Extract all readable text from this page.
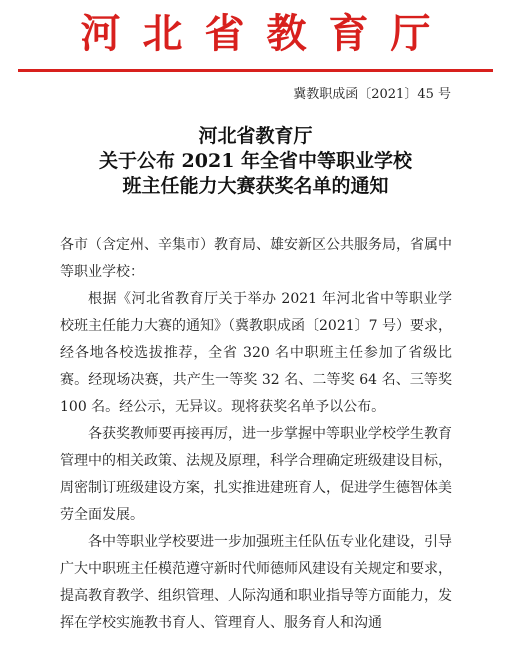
河北省教育厅
冀教职成函〔2021〕45 号
河北省教育厅
关于公布 2021 年全省中等职业学校
班主任能力大赛获奖名单的通知

各市（含定州、辛集市）教育局、雄安新区公共服务局，省属中等职业学校：

根据《河北省教育厅关于举办 2021 年河北省中等职业学校班主任能力大赛的通知》（冀教职成函〔2021〕7 号）要求，经各地各校选拔推荐，全省 320 名中职班主任参加了省级比赛。经现场决赛，共产生一等奖 32 名、二等奖 64 名、三等奖 100 名。经公示，无异议。现将获奖名单予以公布。

各获奖教师要再接再厉，进一步掌握中等职业学校学生教育管理中的相关政策、法规及原理，科学合理确定班级建设目标，周密制订班级建设方案，扎实推进建班育人，促进学生德智体美劳全面发展。

各中等职业学校要进一步加强班主任队伍专业化建设，引导广大中职班主任模范遵守新时代师德师风建设有关规定和要求，提高教育教学、组织管理、人际沟通和职业指导等方面能力，发挥在学校实施教书育人、管理育人、服务育人和沟通
